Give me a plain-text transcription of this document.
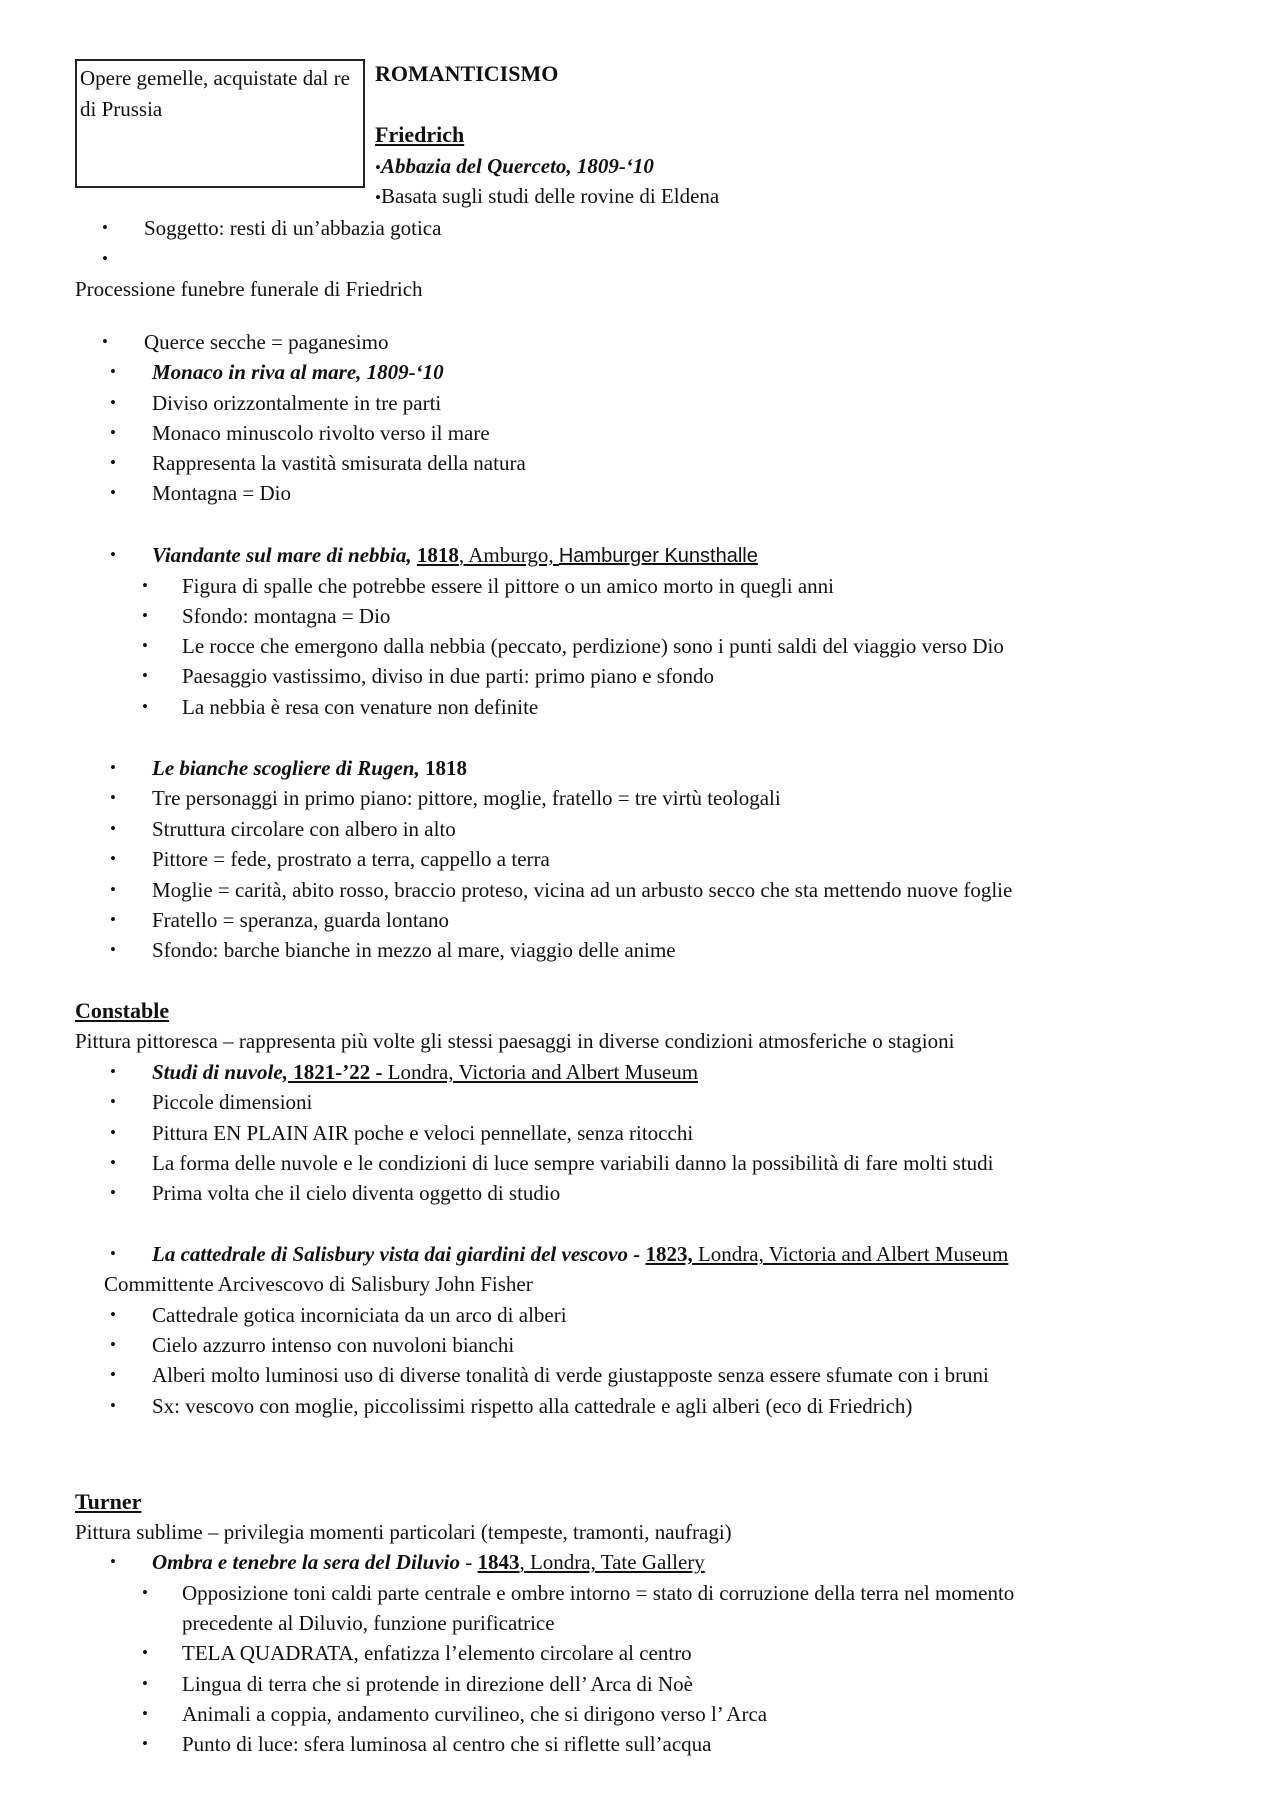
Opere gemelle, acquistate dal re di Prussia
ROMANTICISMO
Friedrich
•Abbazia del Querceto, 1809-‘10
•Basata sugli studi delle rovine di Eldena
• Soggetto: resti di un’abbazia gotica
•
Processione funebre funerale di Friedrich
• Querce secche = paganesimo
• Monaco in riva al mare, 1809-‘10
• Diviso orizzontalmente in tre parti
• Monaco minuscolo rivolto verso il mare
• Rappresenta la vastità smisurata della natura
• Montagna = Dio
• Viandante sul mare di nebbia, 1818, Amburgo, Hamburger Kunsthalle
• Figura di spalle che potrebbe essere il pittore o un amico morto in quegli anni
• Sfondo: montagna = Dio
• Le rocce che emergono dalla nebbia (peccato, perdizione) sono i punti saldi del viaggio verso Dio
• Paesaggio vastissimo, diviso in due parti: primo piano e sfondo
• La nebbia è resa con venature non definite
• Le bianche scogliere di Rugen, 1818
• Tre personaggi in primo piano: pittore, moglie, fratello = tre virtù teologali
• Struttura circolare con albero in alto
• Pittore = fede, prostrato a terra, cappello a terra
• Moglie = carità, abito rosso, braccio proteso, vicina ad un arbusto secco che sta mettendo nuove foglie
• Fratello = speranza, guarda lontano
• Sfondo: barche bianche in mezzo al mare, viaggio delle anime
Constable
Pittura pittoresca – rappresenta più volte gli stessi paesaggi in diverse condizioni atmosferiche o stagioni
• Studi di nuvole, 1821-’22 - Londra, Victoria and Albert Museum
• Piccole dimensioni
• Pittura EN PLAIN AIR poche e veloci pennellate, senza ritocchi
• La forma delle nuvole e le condizioni di luce sempre variabili danno la possibilità di fare molti studi
• Prima volta che il cielo diventa oggetto di studio
• La cattedrale di Salisbury vista dai giardini del vescovo - 1823, Londra, Victoria and Albert Museum
Committente Arcivescovo di Salisbury John Fisher
• Cattedrale gotica incorniciata da un arco di alberi
• Cielo azzurro intenso con nuvoloni bianchi
• Alberi molto luminosi uso di diverse tonalità di verde giustapposte senza essere sfumate con i bruni
• Sx: vescovo con moglie, piccolissimi rispetto alla cattedrale e agli alberi (eco di Friedrich)
Turner
Pittura sublime – privilegia momenti particolari (tempeste, tramonti, naufragi)
• Ombra e tenebre la sera del Diluvio - 1843, Londra, Tate Gallery
• Opposizione toni caldi parte centrale e ombre intorno = stato di corruzione della terra nel momento
precedente al Diluvio, funzione purificatrice
• TELA QUADRATA, enfatizza l’elemento circolare al centro
• Lingua di terra che si protende in direzione dell’ Arca di Noè
• Animali a coppia, andamento curvilineo, che si dirigono verso l’ Arca
• Punto di luce: sfera luminosa al centro che si riflette sull’acqua
